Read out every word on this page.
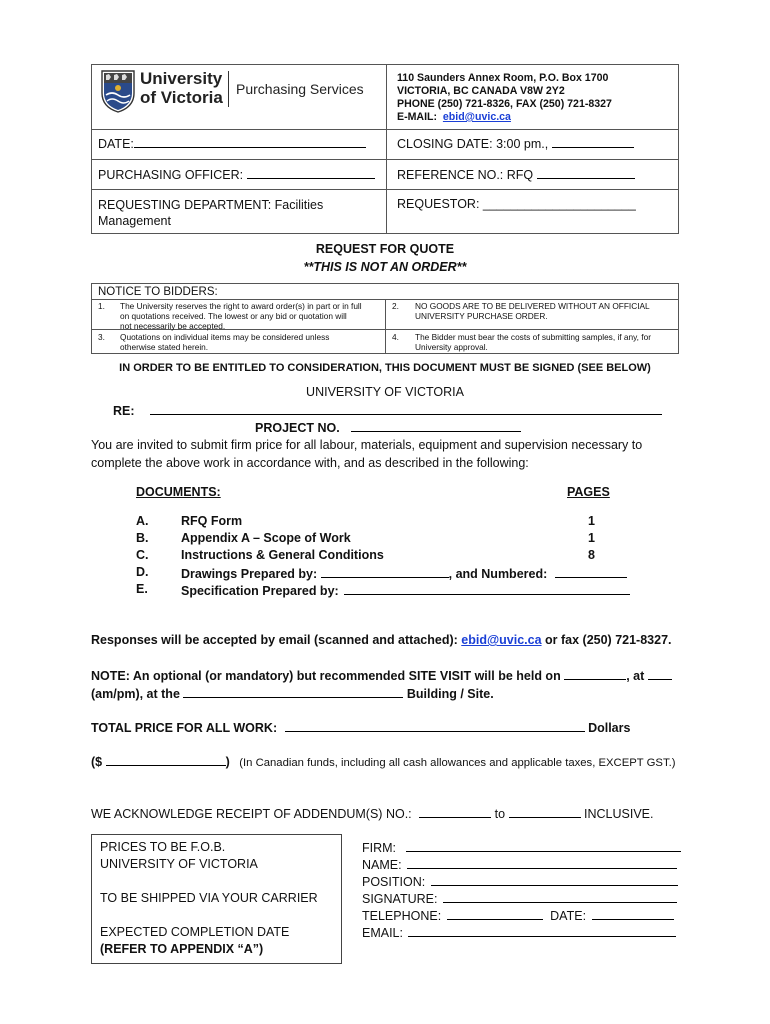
University
of Victoria Purchasing Services
110 Saunders Annex Room, P.O. Box 1700
VICTORIA, BC CANADA V8W 2Y2
PHONE (250) 721-8326, FAX (250) 721-8327
E-MAIL: ebid@uvic.ca
DATE:	CLOSING DATE: 3:00 pm.,
PURCHASING OFFICER:	REFERENCE NO.: RFQ
REQUESTING DEPARTMENT: Facilities
Management
REQUESTOR: ______________________
REQUEST FOR QUOTE
**THIS IS NOT AN ORDER**
NOTICE TO BIDDERS:
1. The University reserves the right to award order(s) in part or in full
on quotations received. The lowest or any bid or quotation will
not necessarily be accepted.
2. NO GOODS ARE TO BE DELIVERED WITHOUT AN OFFICIAL
UNIVERSITY PURCHASE ORDER.
3. Quotations on individual items may be considered unless
otherwise stated herein.
4. The Bidder must bear the costs of submitting samples, if any, for
University approval.
IN ORDER TO BE ENTITLED TO CONSIDERATION, THIS DOCUMENT MUST BE SIGNED (SEE BELOW)
UNIVERSITY OF VICTORIA
RE:
PROJECT NO.
You are invited to submit firm price for all labour, materials, equipment and supervision necessary to
complete the above work in accordance with, and as described in the following:
DOCUMENTS:	PAGES
A.	RFQ Form	1
B.	Appendix A – Scope of Work	1
C.	Instructions & General Conditions	8
D.	Drawings Prepared by:	, and Numbered:
E.	Specification Prepared by:
Responses will be accepted by email (scanned and attached): ebid@uvic.ca or fax (250) 721-8327.
NOTE: An optional (or mandatory) but recommended SITE VISIT will be held on	, at
(am/pm), at the	Building / Site.
TOTAL PRICE FOR ALL WORK:	Dollars
($	) (In Canadian funds, including all cash allowances and applicable taxes, EXCEPT GST.)
WE ACKNOWLEDGE RECEIPT OF ADDENDUM(S) NO.:	to	INCLUSIVE.
PRICES TO BE F.O.B.
UNIVERSITY OF VICTORIA
TO BE SHIPPED VIA YOUR CARRIER
EXPECTED COMPLETION DATE
(REFER TO APPENDIX “A”)
FIRM:
NAME:
POSITION:
SIGNATURE:
TELEPHONE:	DATE:
EMAIL:
